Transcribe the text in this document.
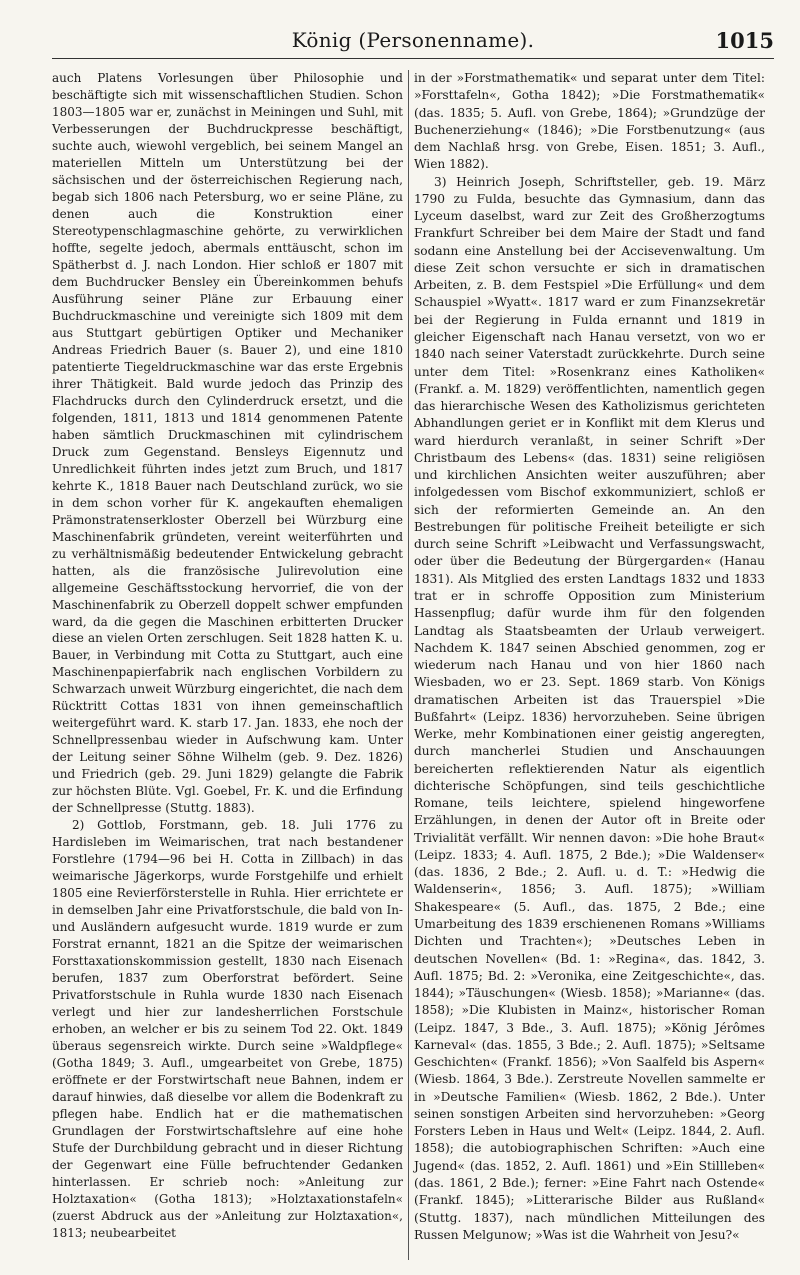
König (Personenname).	1015

auch Platens Vorlesungen über Philosophie und beschäftigte sich mit wissenschaftlichen Studien. Schon 1803—1805 war er, zunächst in Meiningen und Suhl, mit Verbesserungen der Buchdruckpresse beschäftigt, suchte auch, wiewohl vergeblich, bei seinem Mangel an materiellen Mitteln um Unterstützung bei der sächsischen und der österreichischen Regierung nach, begab sich 1806 nach Petersburg, wo er seine Pläne, zu denen auch die Konstruktion einer Stereotypenschlagmaschine gehörte, zu verwirklichen hoffte, segelte jedoch, abermals enttäuscht, schon im Spätherbst d. J. nach London. Hier schloß er 1807 mit dem Buchdrucker Bensley ein Übereinkommen behufs Ausführung seiner Pläne zur Erbauung einer Buchdruckmaschine und vereinigte sich 1809 mit dem aus Stuttgart gebürtigen Optiker und Mechaniker Andreas Friedrich Bauer (s. Bauer 2), und eine 1810 patentierte Tiegeldruckmaschine war das erste Ergebnis ihrer Thätigkeit. Bald wurde jedoch das Prinzip des Flachdrucks durch den Cylinderdruck ersetzt, und die folgenden, 1811, 1813 und 1814 genommenen Patente haben sämtlich Druckmaschinen mit cylindrischem Druck zum Gegenstand. Bensleys Eigennutz und Unredlichkeit führten indes jetzt zum Bruch, und 1817 kehrte K., 1818 Bauer nach Deutschland zurück, wo sie in dem schon vorher für K. angekauften ehemaligen Prämonstratenserkloster Oberzell bei Würzburg eine Maschinenfabrik gründeten, vereint weiterführten und zu verhältnismäßig bedeutender Entwickelung gebracht hatten, als die französische Julirevolution eine allgemeine Geschäftsstockung hervorrief, die von der Maschinenfabrik zu Oberzell doppelt schwer empfunden ward, da die gegen die Maschinen erbitterten Drucker diese an vielen Orten zerschlugen. Seit 1828 hatten K. u. Bauer, in Verbindung mit Cotta zu Stuttgart, auch eine Maschinenpapierfabrik nach englischen Vorbildern zu Schwarzach unweit Würzburg eingerichtet, die nach dem Rücktritt Cottas 1831 von ihnen gemeinschaftlich weitergeführt ward. K. starb 17. Jan. 1833, ehe noch der Schnellpressenbau wieder in Aufschwung kam. Unter der Leitung seiner Söhne Wilhelm (geb. 9. Dez. 1826) und Friedrich (geb. 29. Juni 1829) gelangte die Fabrik zur höchsten Blüte. Vgl. Goebel, Fr. K. und die Erfindung der Schnellpresse (Stuttg. 1883).

2) Gottlob, Forstmann, geb. 18. Juli 1776 zu Hardisleben im Weimarischen, trat nach bestandener Forstlehre (1794—96 bei H. Cotta in Zillbach) in das weimarische Jägerkorps, wurde Forstgehilfe und erhielt 1805 eine Revierförsterstelle in Ruhla. Hier errichtete er in demselben Jahr eine Privatforstschule, die bald von In- und Ausländern aufgesucht wurde. 1819 wurde er zum Forstrat ernannt, 1821 an die Spitze der weimarischen Forsttaxationskommission gestellt, 1830 nach Eisenach berufen, 1837 zum Oberforstrat befördert. Seine Privatforstschule in Ruhla wurde 1830 nach Eisenach verlegt und hier zur landesherrlichen Forstschule erhoben, an welcher er bis zu seinem Tod 22. Okt. 1849 überaus segensreich wirkte. Durch seine »Waldpflege« (Gotha 1849; 3. Aufl., umgearbeitet von Grebe, 1875) eröffnete er der Forstwirtschaft neue Bahnen, indem er darauf hinwies, daß dieselbe vor allem die Bodenkraft zu pflegen habe. Endlich hat er die mathematischen Grundlagen der Forstwirtschaftslehre auf eine hohe Stufe der Durchbildung gebracht und in dieser Richtung der Gegenwart eine Fülle befruchtender Gedanken hinterlassen. Er schrieb noch: »Anleitung zur Holztaxation« (Gotha 1813); »Holztaxationstafeln« (zuerst Abdruck aus der »Anleitung zur Holztaxation«, 1813; neubearbeitet

in der »Forstmathematik« und separat unter dem Titel: »Forsttafeln«, Gotha 1842); »Die Forstmathematik« (das. 1835; 5. Aufl. von Grebe, 1864); »Grundzüge der Buchenerziehung« (1846); »Die Forstbenutzung« (aus dem Nachlaß hrsg. von Grebe, Eisen. 1851; 3. Aufl., Wien 1882).

3) Heinrich Joseph, Schriftsteller, geb. 19. März 1790 zu Fulda, besuchte das Gymnasium, dann das Lyceum daselbst, ward zur Zeit des Großherzogtums Frankfurt Schreiber bei dem Maire der Stadt und fand sodann eine Anstellung bei der Accisevenwaltung. Um diese Zeit schon versuchte er sich in dramatischen Arbeiten, z. B. dem Festspiel »Die Erfüllung« und dem Schauspiel »Wyatt«. 1817 ward er zum Finanzsekretär bei der Regierung in Fulda ernannt und 1819 in gleicher Eigenschaft nach Hanau versetzt, von wo er 1840 nach seiner Vaterstadt zurückkehrte. Durch seine unter dem Titel: »Rosenkranz eines Katholiken« (Frankf. a. M. 1829) veröffentlichten, namentlich gegen das hierarchische Wesen des Katholizismus gerichteten Abhandlungen geriet er in Konflikt mit dem Klerus und ward hierdurch veranlaßt, in seiner Schrift »Der Christbaum des Lebens« (das. 1831) seine religiösen und kirchlichen Ansichten weiter auszuführen; aber infolgedessen vom Bischof exkommuniziert, schloß er sich der reformierten Gemeinde an. An den Bestrebungen für politische Freiheit beteiligte er sich durch seine Schrift »Leibwacht und Verfassungswacht, oder über die Bedeutung der Bürgergarden« (Hanau 1831). Als Mitglied des ersten Landtags 1832 und 1833 trat er in schroffe Opposition zum Ministerium Hassenpflug; dafür wurde ihm für den folgenden Landtag als Staatsbeamten der Urlaub verweigert. Nachdem K. 1847 seinen Abschied genommen, zog er wiederum nach Hanau und von hier 1860 nach Wiesbaden, wo er 23. Sept. 1869 starb. Von Königs dramatischen Arbeiten ist das Trauerspiel »Die Bußfahrt« (Leipz. 1836) hervorzuheben. Seine übrigen Werke, mehr Kombinationen einer geistig angeregten, durch mancherlei Studien und Anschauungen bereicherten reflektierenden Natur als eigentlich dichterische Schöpfungen, sind teils geschichtliche Romane, teils leichtere, spielend hingeworfene Erzählungen, in denen der Autor oft in Breite oder Trivialität verfällt. Wir nennen davon: »Die hohe Braut« (Leipz. 1833; 4. Aufl. 1875, 2 Bde.); »Die Waldenser« (das. 1836, 2 Bde.; 2. Aufl. u. d. T.: »Hedwig die Waldenserin«, 1856; 3. Aufl. 1875); »William Shakespeare« (5. Aufl., das. 1875, 2 Bde.; eine Umarbeitung des 1839 erschienenen Romans »Williams Dichten und Trachten«); »Deutsches Leben in deutschen Novellen« (Bd. 1: »Regina«, das. 1842, 3. Aufl. 1875; Bd. 2: »Veronika, eine Zeitgeschichte«, das. 1844); »Täuschungen« (Wiesb. 1858); »Marianne« (das. 1858); »Die Klubisten in Mainz«, historischer Roman (Leipz. 1847, 3 Bde., 3. Aufl. 1875); »König Jérômes Karneval« (das. 1855, 3 Bde.; 2. Aufl. 1875); »Seltsame Geschichten« (Frankf. 1856); »Von Saalfeld bis Aspern« (Wiesb. 1864, 3 Bde.). Zerstreute Novellen sammelte er in »Deutsche Familien« (Wiesb. 1862, 2 Bde.). Unter seinen sonstigen Arbeiten sind hervorzuheben: »Georg Forsters Leben in Haus und Welt« (Leipz. 1844, 2. Aufl. 1858); die autobiographischen Schriften: »Auch eine Jugend« (das. 1852, 2. Aufl. 1861) und »Ein Stillleben« (das. 1861, 2 Bde.); ferner: »Eine Fahrt nach Ostende« (Frankf. 1845); »Litterarische Bilder aus Rußland« (Stuttg. 1837), nach mündlichen Mitteilungen des Russen Melgunow; »Was ist die Wahrheit von Jesu?«
